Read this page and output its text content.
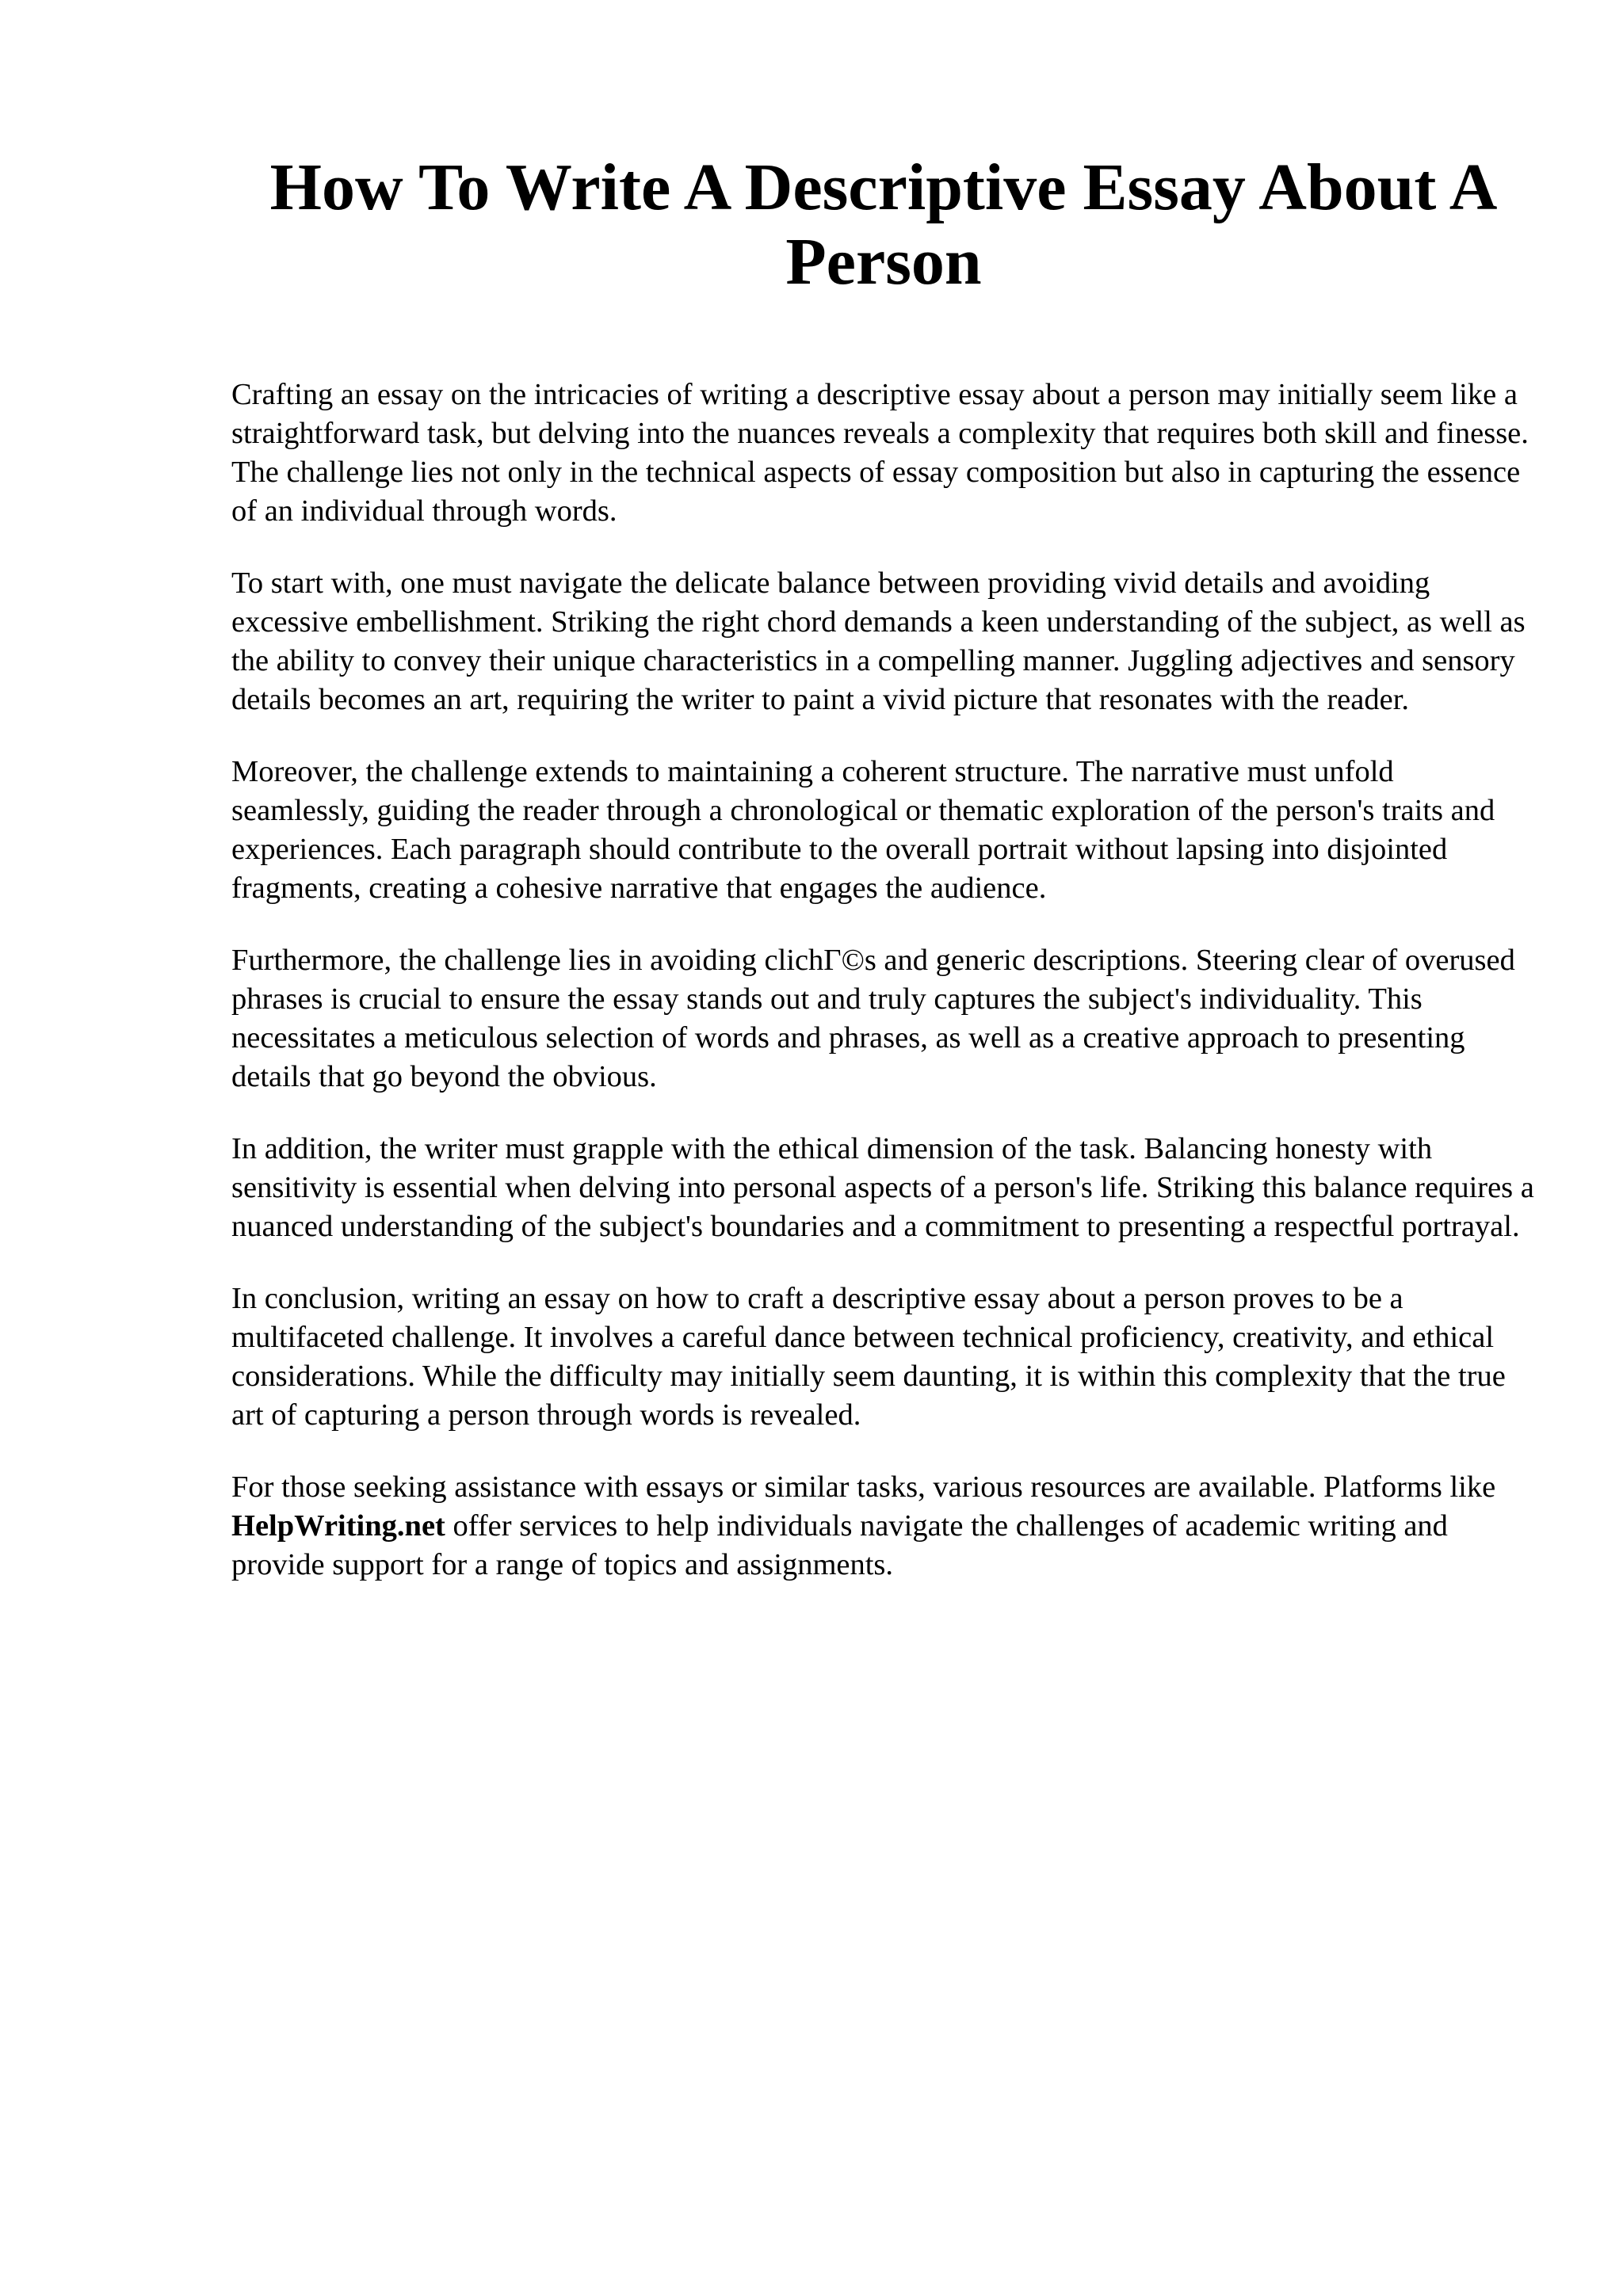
How To Write A Descriptive Essay About A Person

Crafting an essay on the intricacies of writing a descriptive essay about a person may initially seem like a straightforward task, but delving into the nuances reveals a complexity that requires both skill and finesse. The challenge lies not only in the technical aspects of essay composition but also in capturing the essence of an individual through words.

To start with, one must navigate the delicate balance between providing vivid details and avoiding excessive embellishment. Striking the right chord demands a keen understanding of the subject, as well as the ability to convey their unique characteristics in a compelling manner. Juggling adjectives and sensory details becomes an art, requiring the writer to paint a vivid picture that resonates with the reader.

Moreover, the challenge extends to maintaining a coherent structure. The narrative must unfold seamlessly, guiding the reader through a chronological or thematic exploration of the person's traits and experiences. Each paragraph should contribute to the overall portrait without lapsing into disjointed fragments, creating a cohesive narrative that engages the audience.

Furthermore, the challenge lies in avoiding clichГ©s and generic descriptions. Steering clear of overused phrases is crucial to ensure the essay stands out and truly captures the subject's individuality. This necessitates a meticulous selection of words and phrases, as well as a creative approach to presenting details that go beyond the obvious.

In addition, the writer must grapple with the ethical dimension of the task. Balancing honesty with sensitivity is essential when delving into personal aspects of a person's life. Striking this balance requires a nuanced understanding of the subject's boundaries and a commitment to presenting a respectful portrayal.

In conclusion, writing an essay on how to craft a descriptive essay about a person proves to be a multifaceted challenge. It involves a careful dance between technical proficiency, creativity, and ethical considerations. While the difficulty may initially seem daunting, it is within this complexity that the true art of capturing a person through words is revealed.

For those seeking assistance with essays or similar tasks, various resources are available. Platforms like HelpWriting.net offer services to help individuals navigate the challenges of academic writing and provide support for a range of topics and assignments.
